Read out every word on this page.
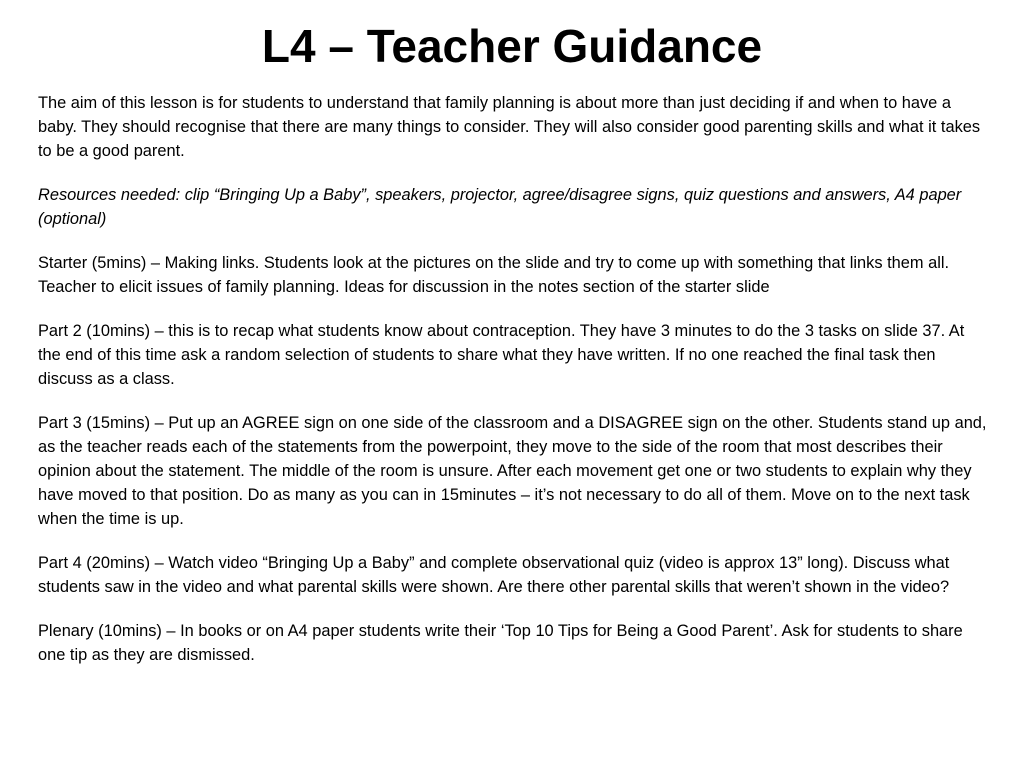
L4 – Teacher Guidance

The aim of this lesson is for students to understand that family planning is about more than just deciding if and when to have a baby. They should recognise that there are many things to consider. They will also consider good parenting skills and what it takes to be a good parent.

Resources needed: clip “Bringing Up a Baby”, speakers, projector, agree/disagree signs, quiz questions and answers, A4 paper (optional)

Starter (5mins) – Making links. Students look at the pictures on the slide and try to come up with something that links them all. Teacher to elicit issues of family planning. Ideas for discussion in the notes section of the starter slide

Part 2 (10mins) – this is to recap what students know about contraception. They have 3 minutes to do the 3 tasks on slide 37. At the end of this time ask a random selection of students to share what they have written. If no one reached the final task then discuss as a class.

Part 3 (15mins) – Put up an AGREE sign on one side of the classroom and a DISAGREE sign on the other. Students stand up and, as the teacher reads each of the statements from the powerpoint, they move to the side of the room that most describes their opinion about the statement. The middle of the room is unsure. After each movement get one or two students to explain why they have moved to that position. Do as many as you can in 15minutes – it’s not necessary to do all of them. Move on to the next task when the time is up.

Part 4 (20mins) – Watch video “Bringing Up a Baby” and complete observational quiz (video is approx 13” long). Discuss what students saw in the video and what parental skills were shown. Are there other parental skills that weren’t shown in the video?

Plenary (10mins) – In books or on A4 paper students write their ‘Top 10 Tips for Being a Good Parent’. Ask for students to share one tip as they are dismissed.
